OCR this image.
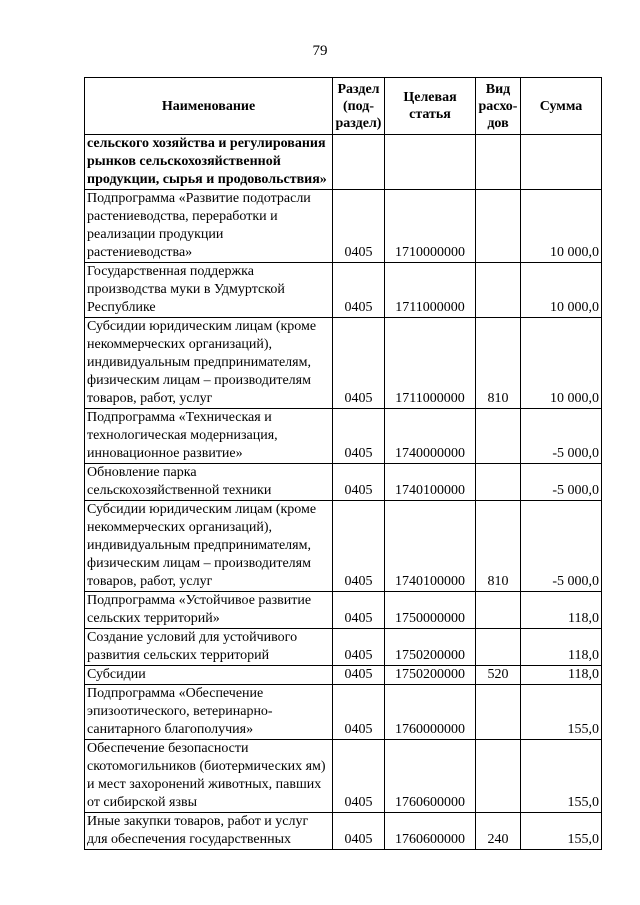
79
Наименование	Раздел (под-раздел)	Целевая статья	Вид расхо-дов	Сумма
сельского хозяйства и регулирования рынков сельскохозяйственной продукции, сырья и продовольствия»				
Подпрограмма «Развитие подотрасли растениеводства, переработки и реализации продукции растениеводства»	0405	1710000000		10 000,0
Государственная поддержка производства муки в Удмуртской Республике	0405	1711000000		10 000,0
Субсидии юридическим лицам (кроме некоммерческих организаций), индивидуальным предпринимателям, физическим лицам – производителям товаров, работ, услуг	0405	1711000000	810	10 000,0
Подпрограмма «Техническая и технологическая модернизация, инновационное развитие»	0405	1740000000		-5 000,0
Обновление парка сельскохозяйственной техники	0405	1740100000		-5 000,0
Субсидии юридическим лицам (кроме некоммерческих организаций), индивидуальным предпринимателям, физическим лицам – производителям товаров, работ, услуг	0405	1740100000	810	-5 000,0
Подпрограмма «Устойчивое развитие сельских территорий»	0405	1750000000		118,0
Создание условий для устойчивого развития сельских территорий	0405	1750200000		118,0
Субсидии	0405	1750200000	520	118,0
Подпрограмма «Обеспечение эпизоотического, ветеринарно-санитарного благополучия»	0405	1760000000		155,0
Обеспечение безопасности скотомогильников (биотермических ям) и мест захоронений животных, павших от сибирской язвы	0405	1760600000		155,0
Иные закупки товаров, работ и услуг для обеспечения государственных	0405	1760600000	240	155,0
